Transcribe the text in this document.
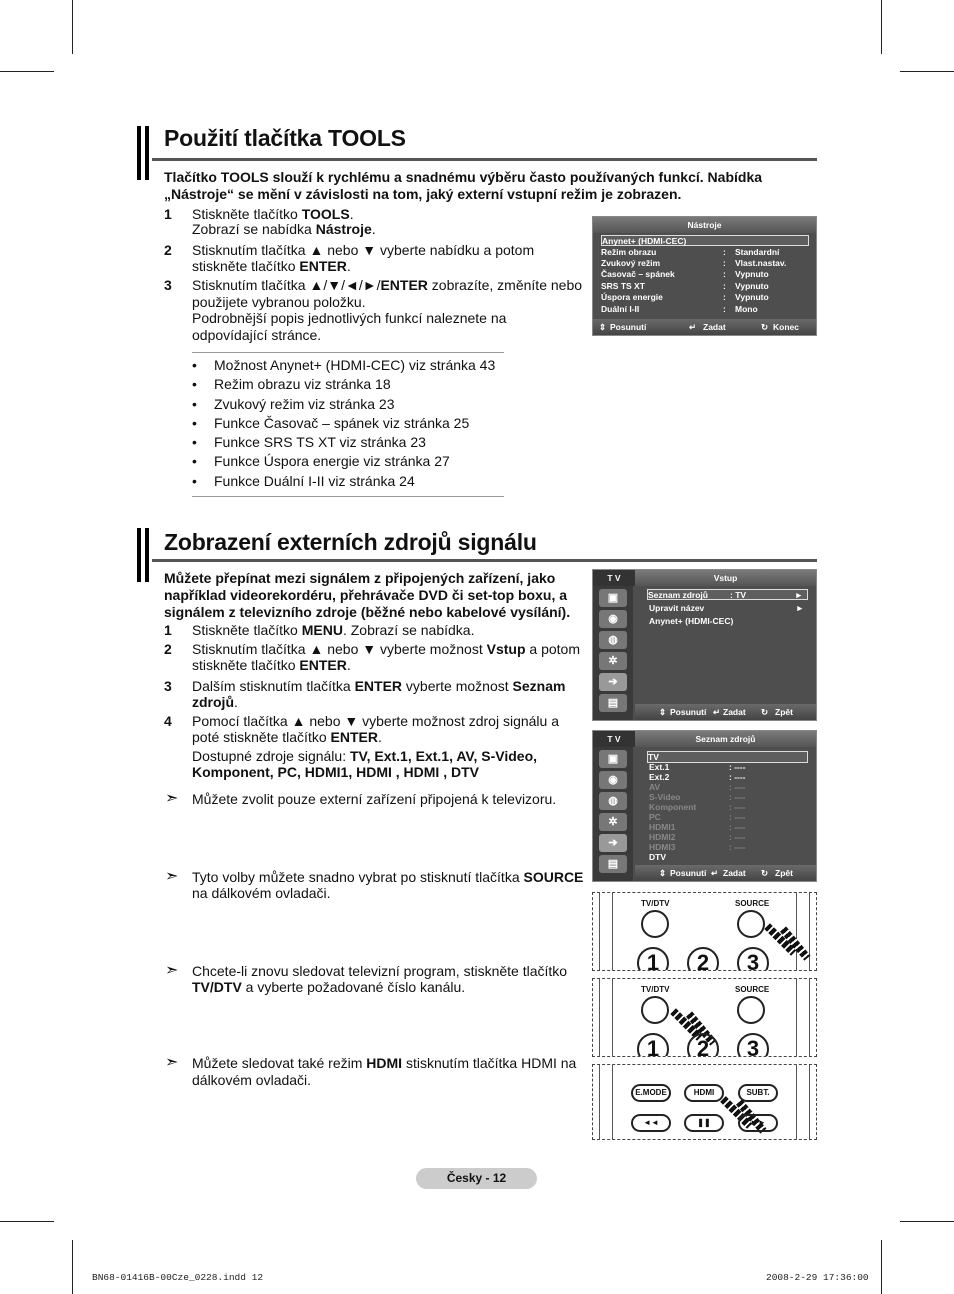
Použití tlačítka TOOLS
Tlačítko TOOLS slouží k rychlému a snadnému výběru často používaných funkcí. Nabídka „Nástroje“ se mění v závislosti na tom, jaký externí vstupní režim je zobrazen.
1 Stiskněte tlačítko TOOLS.
Zobrazí se nabídka Nástroje.
2 Stisknutím tlačítka ▲ nebo ▼ vyberte nabídku a potom
stiskněte tlačítko ENTER.
3 Stisknutím tlačítka ▲/▼/◄/►/ENTER zobrazíte, změníte nebo
použijete vybranou položku.
Podrobnější popis jednotlivých funkcí naleznete na
odpovídající stránce.
• Možnost Anynet+ (HDMI-CEC) viz stránka 43
• Režim obrazu viz stránka 18
• Zvukový režim viz stránka 23
• Funkce Časovač – spánek viz stránka 25
• Funkce SRS TS XT viz stránka 23
• Funkce Úspora energie viz stránka 27
• Funkce Duální I-II viz stránka 24
Nástroje
Anynet+ (HDMI-CEC)
Režim obrazu	: Standardní
Zvukový režim	: Vlast.nastav.
Časovač – spánek	: Vypnuto
SRS TS XT	: Vypnuto
Úspora energie	: Vypnuto
Duální I-II	: Mono
⇕ Posunutí	↵ Zadat	↻ Konec
Zobrazení externích zdrojů signálu
Můžete přepínat mezi signálem z připojených zařízení, jako například videorekordéru, přehrávače DVD či set-top boxu, a signálem z televizního zdroje (běžné nebo kabelové vysílání).
1 Stiskněte tlačítko MENU. Zobrazí se nabídka.
2 Stisknutím tlačítka ▲ nebo ▼ vyberte možnost Vstup a potom
stiskněte tlačítko ENTER.
3 Dalším stisknutím tlačítka ENTER vyberte možnost Seznam
zdrojů.
4 Pomocí tlačítka ▲ nebo ▼ vyberte možnost zdroj signálu a
poté stiskněte tlačítko ENTER.
Dostupné zdroje signálu: TV, Ext.1, Ext.1, AV, S-Video,
Komponent, PC, HDMI1, HDMI , HDMI , DTV
➣ Můžete zvolit pouze externí zařízení připojená k televizoru.
➣ Tyto volby můžete snadno vybrat po stisknutí tlačítka SOURCE
na dálkovém ovladači.
➣ Chcete-li znovu sledovat televizní program, stiskněte tlačítko
TV/DTV a vyberte požadované číslo kanálu.
➣ Můžete sledovat také režim HDMI stisknutím tlačítka HDMI na
dálkovém ovladači.
Vstup
T V
▣
◉
◍
✲
➔
▤
Seznam zdrojů	: TV	►
Upravit název	►
Anynet+ (HDMI-CEC)
⇕ Posunutí ↵ Zadat ↻ Zpět
Seznam zdrojů
T V
▣
◉
◍
✲
➔
▤
TV
Ext.1	: ----
Ext.2	: ----
AV	: ----
S-Video	: ----
Komponent	: ----
PC	: ----
HDMI1	: ----
HDMI2	: ----
HDMI3	: ----
DTV
⇕ Posunutí ↵ Zadat ↻ Zpět
TV/DTV	SOURCE
1	2	3
TV/DTV	SOURCE
1	2	3
E.MODE	HDMI	SUBT.
◄◄	❚❚	►►
Česky - 12
BN68-01416B-00Cze_0228.indd 12	2008-2-29 17:36:00
